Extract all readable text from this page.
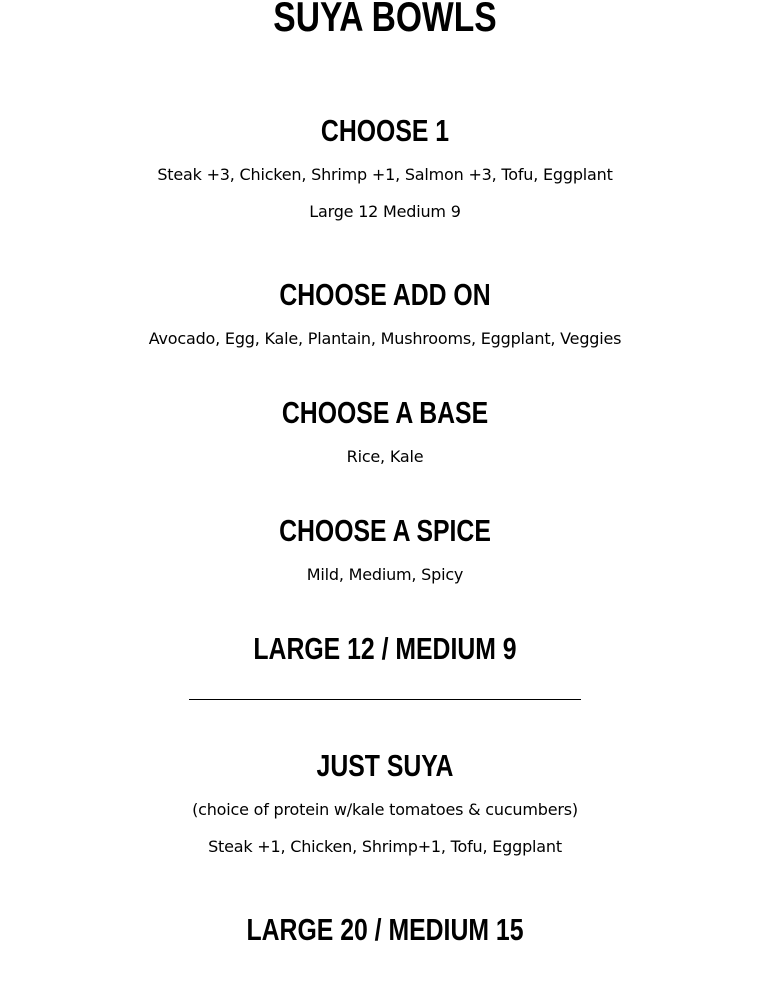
SUYA BOWLS
CHOOSE 1

Steak +3, Chicken, Shrimp +1, Salmon +3, Tofu, Eggplant

Large 12 Medium 9

CHOOSE ADD ON

Avocado, Egg, Kale, Plantain, Mushrooms, Eggplant, Veggies

CHOOSE A BASE

Rice, Kale

CHOOSE A SPICE

Mild, Medium, Spicy

LARGE 12 / MEDIUM 9
JUST SUYA

(choice of protein w/kale tomatoes & cucumbers)

Steak +1, Chicken, Shrimp+1, Tofu, Eggplant

LARGE 20 / MEDIUM 15
